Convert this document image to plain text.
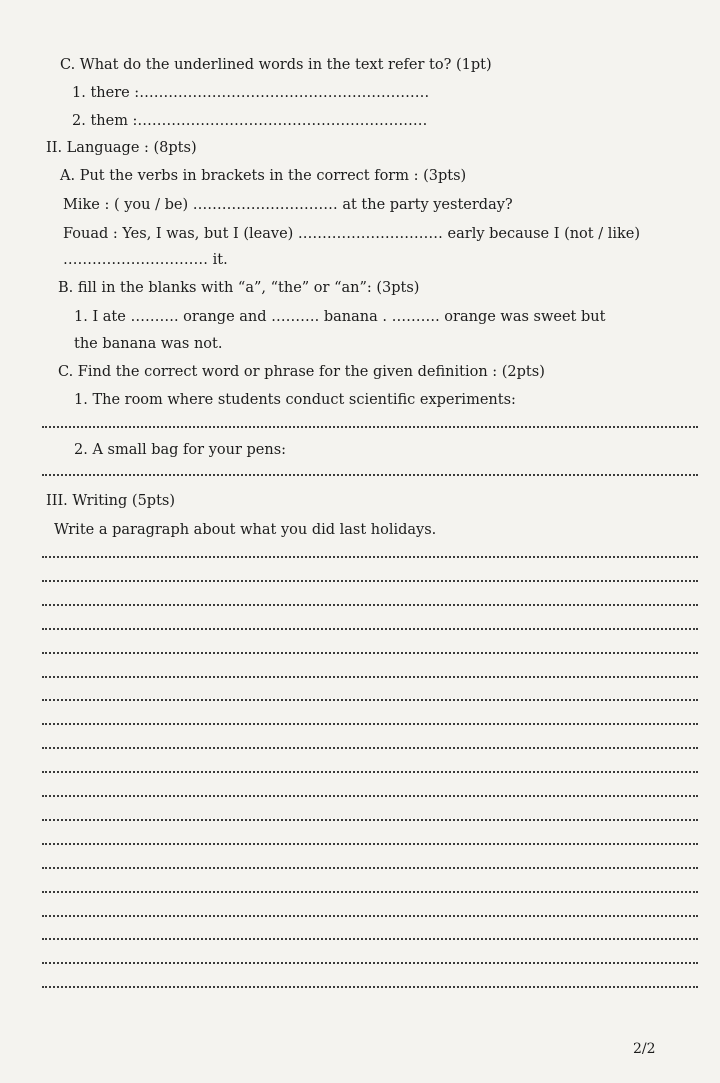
C. What do the underlined words in the text refer to? (1pt)
1. there :……………………………………………………
2. them :……………………………………………………
II. Language : (8pts)
A. Put the verbs in brackets in the correct form : (3pts)
Mike : ( you / be) ………………………… at the party yesterday?
Fouad : Yes, I was, but I (leave) ………………………… early because I (not / like)
………………………… it.
B. fill in the blanks with “a”, “the” or “an”: (3pts)
1. I ate ………. orange and ………. banana . ………. orange was sweet but
the banana was not.
C. Find the correct word or phrase for the given definition : (2pts)
1. The room where students conduct scientific experiments:
2. A small bag for your pens:
III. Writing (5pts)
Write a paragraph about what you did last holidays.
2/2
